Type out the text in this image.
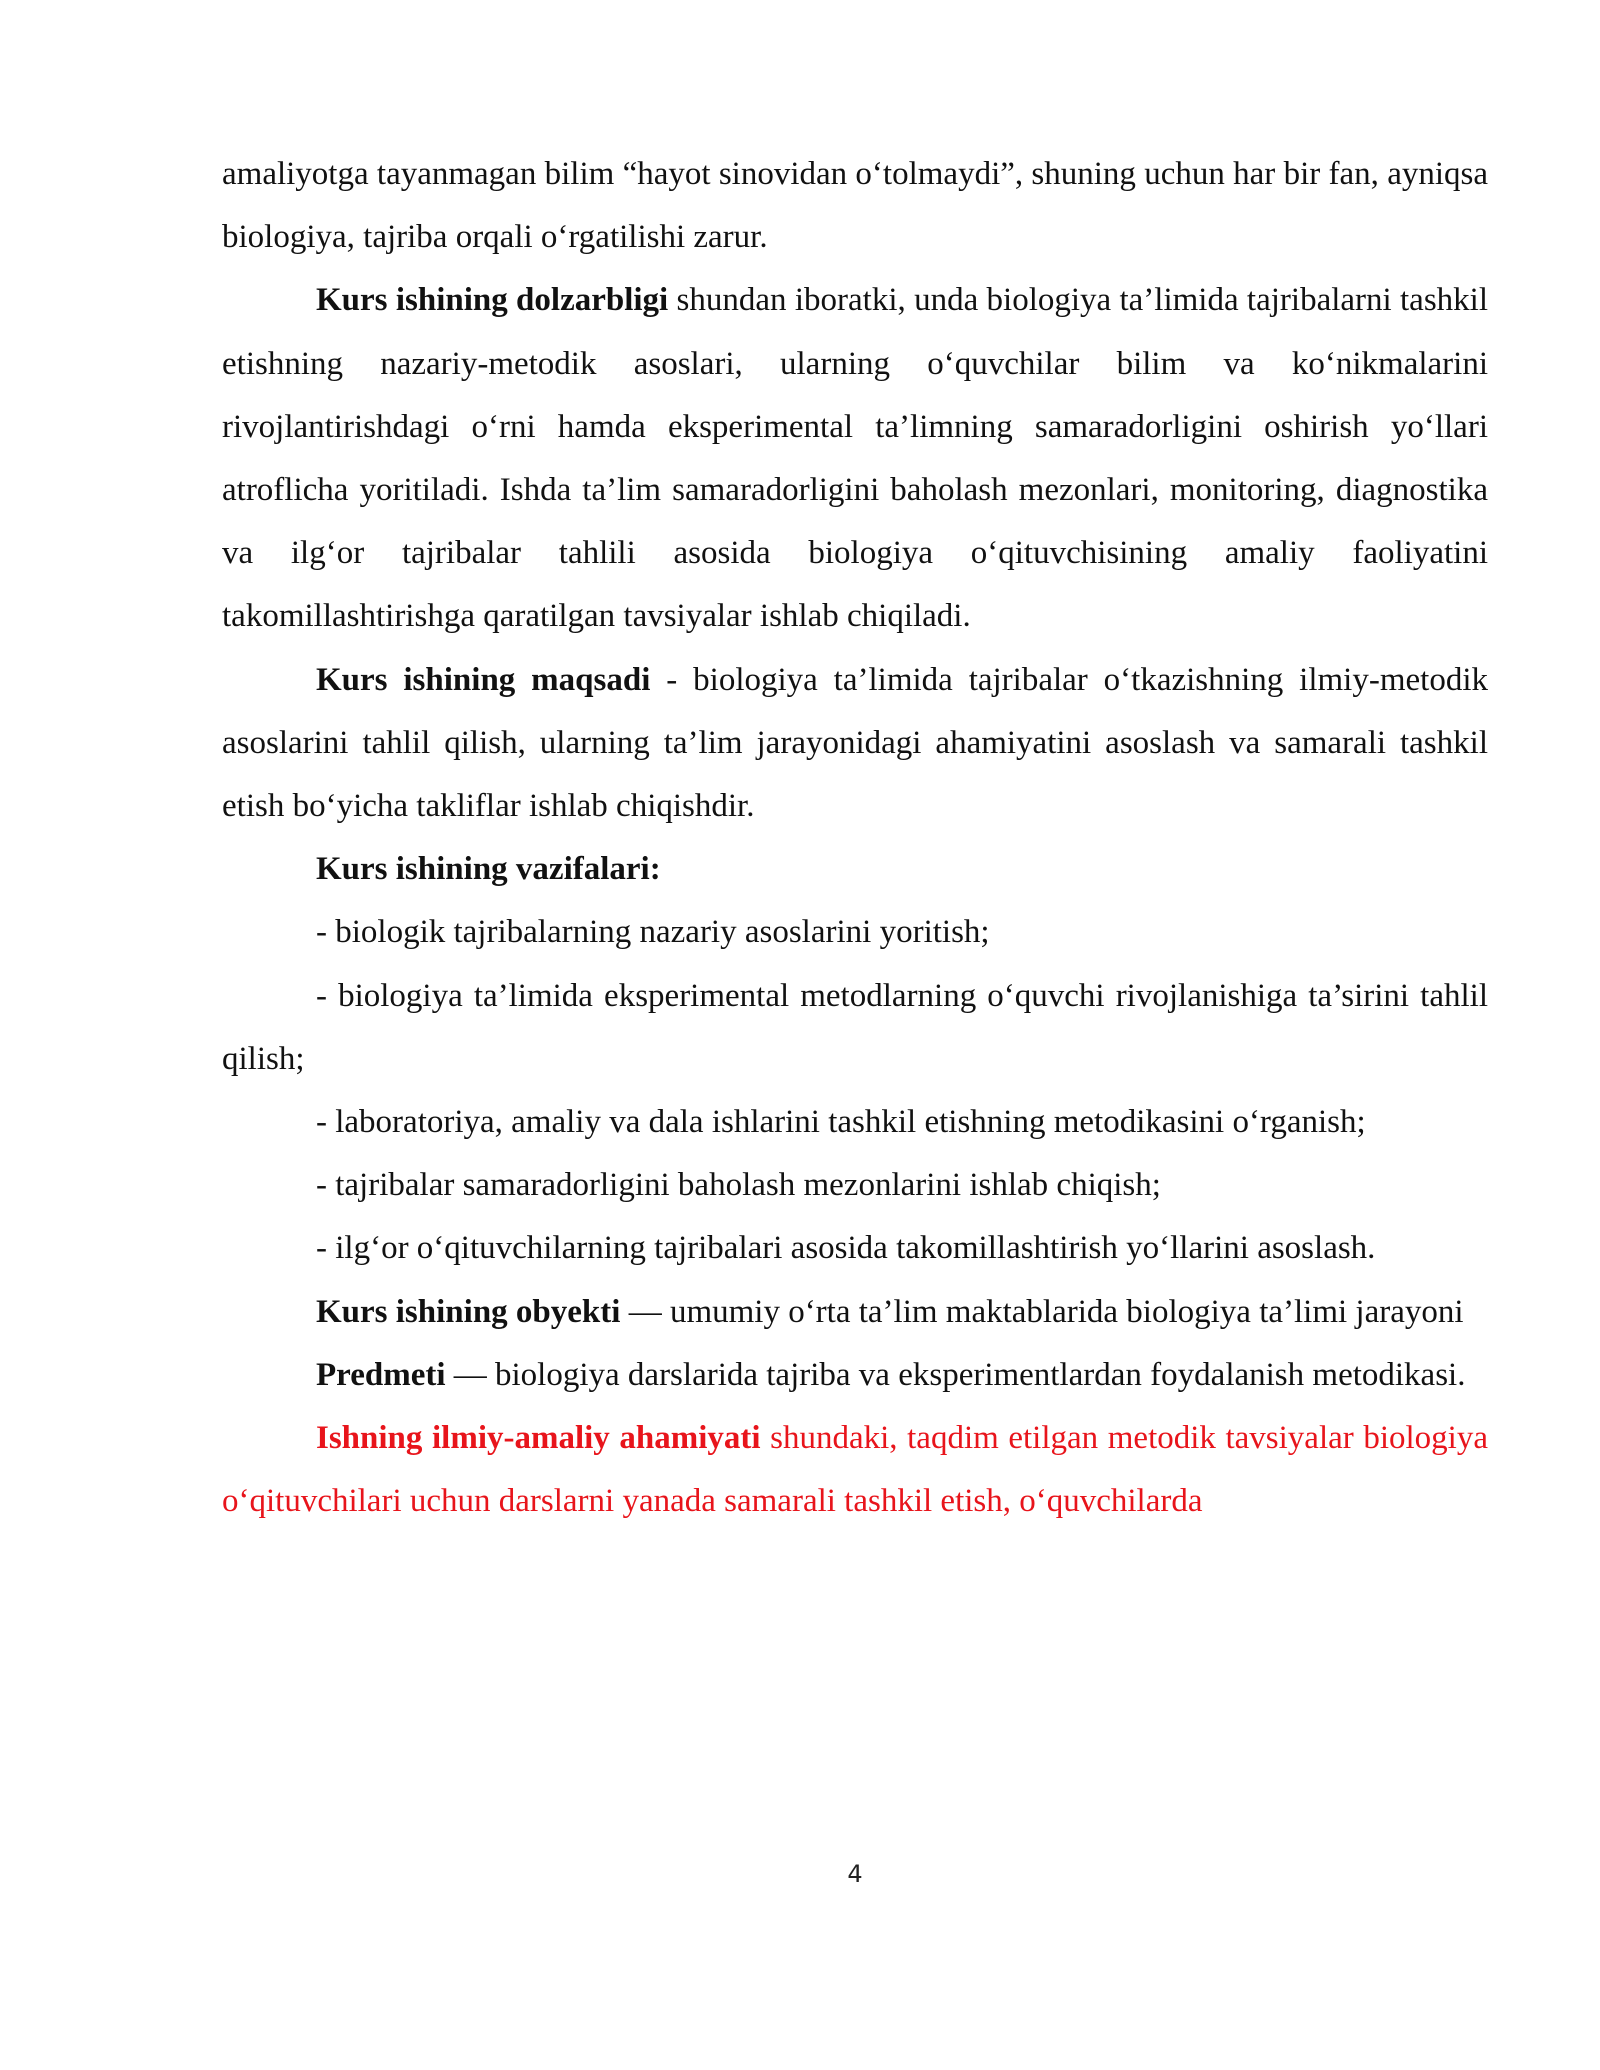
amaliyotga tayanmagan bilim “hayot sinovidan o‘tolmaydi”, shuning uchun har bir fan, ayniqsa biologiya, tajriba orqali o‘rgatilishi zarur.

Kurs ishining dolzarbligi shundan iboratki, unda biologiya ta’limida tajribalarni tashkil etishning nazariy-metodik asoslari, ularning o‘quvchilar bilim va ko‘nikmalarini rivojlantirishdagi o‘rni hamda eksperimental ta’limning samaradorligini oshirish yo‘llari atroflicha yoritiladi. Ishda ta’lim samaradorligini baholash mezonlari, monitoring, diagnostika va ilg‘or tajribalar tahlili asosida biologiya o‘qituvchisining amaliy faoliyatini takomillashtirishga qaratilgan tavsiyalar ishlab chiqiladi.

Kurs ishining maqsadi - biologiya ta’limida tajribalar o‘tkazishning ilmiy-metodik asoslarini tahlil qilish, ularning ta’lim jarayonidagi ahamiyatini asoslash va samarali tashkil etish bo‘yicha takliflar ishlab chiqishdir.

Kurs ishining vazifalari:

- biologik tajribalarning nazariy asoslarini yoritish;

- biologiya ta’limida eksperimental metodlarning o‘quvchi rivojlanishiga ta’sirini tahlil qilish;

- laboratoriya, amaliy va dala ishlarini tashkil etishning metodikasini o‘rganish;

- tajribalar samaradorligini baholash mezonlarini ishlab chiqish;

- ilg‘or o‘qituvchilarning tajribalari asosida takomillashtirish yo‘llarini asoslash.

Kurs ishining obyekti — umumiy o‘rta ta’lim maktablarida biologiya ta’limi jarayoni

Predmeti — biologiya darslarida tajriba va eksperimentlardan foydalanish metodikasi.

Ishning ilmiy-amaliy ahamiyati shundaki, taqdim etilgan metodik tavsiyalar biologiya o‘qituvchilari uchun darslarni yanada samarali tashkil etish, o‘quvchilarda

4
